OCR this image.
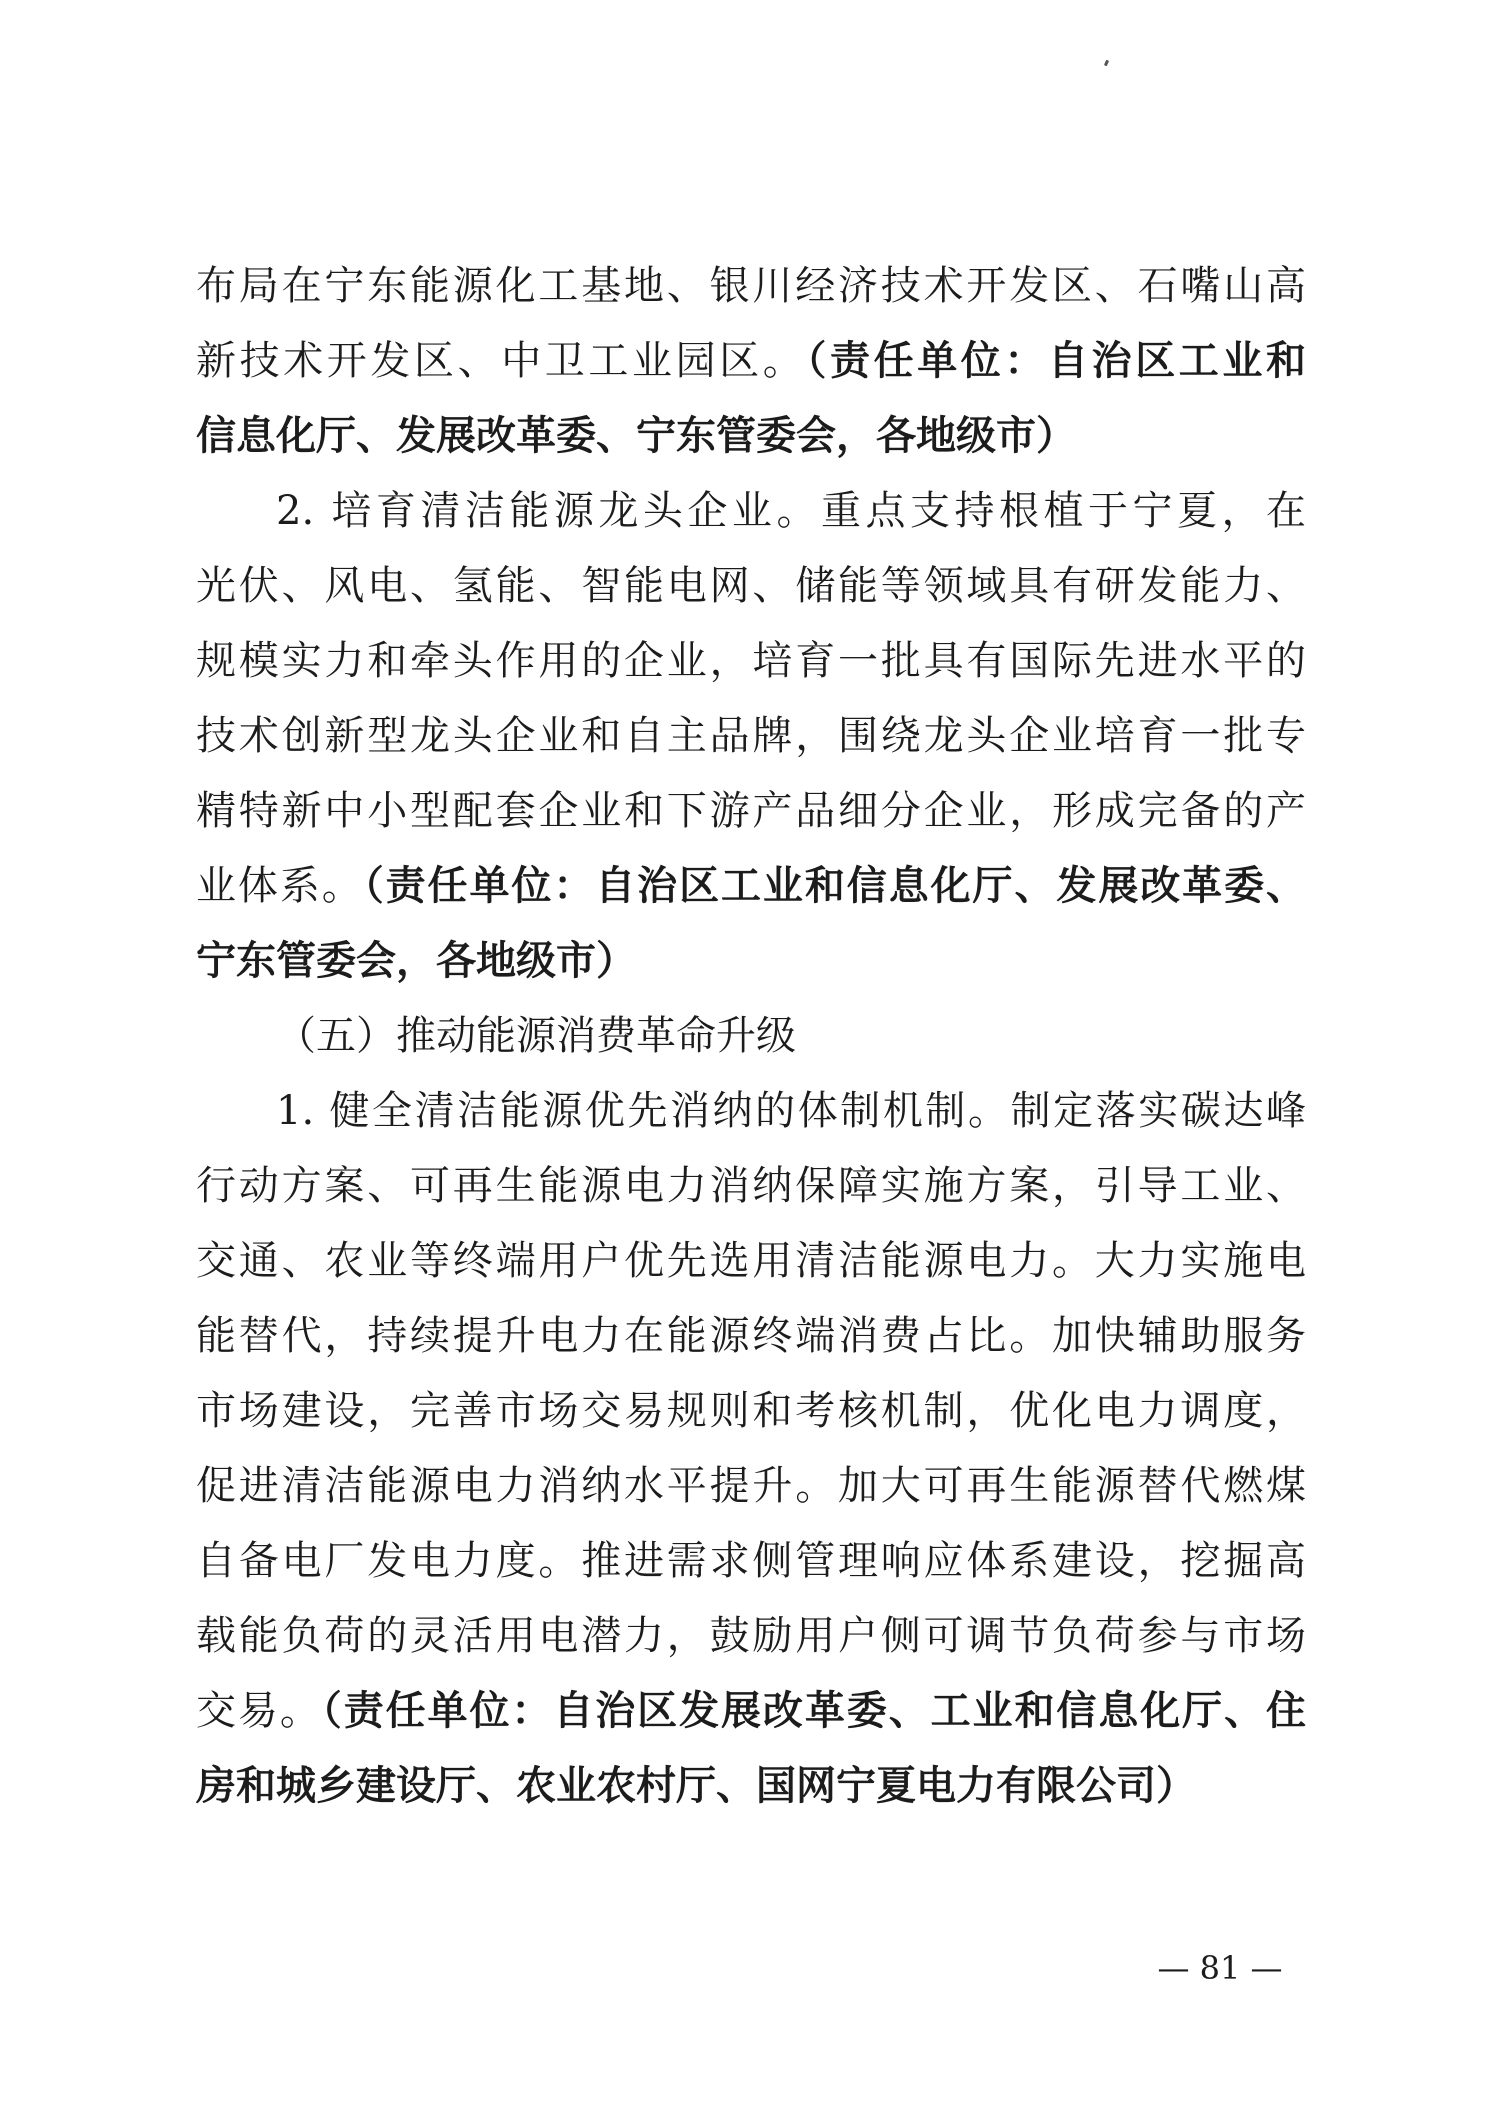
布局在宁东能源化工基地、银川经济技术开发区、石嘴山高
新技术开发区、中卫工业园区。（责任单位：自治区工业和
信息化厅、发展改革委、宁东管委会，各地级市）
2. 培育清洁能源龙头企业。重点支持根植于宁夏，在
光伏、风电、氢能、智能电网、储能等领域具有研发能力、
规模实力和牵头作用的企业，培育一批具有国际先进水平的
技术创新型龙头企业和自主品牌，围绕龙头企业培育一批专
精特新中小型配套企业和下游产品细分企业，形成完备的产
业体系。（责任单位：自治区工业和信息化厅、发展改革委、
宁东管委会，各地级市）
（五）推动能源消费革命升级
1. 健全清洁能源优先消纳的体制机制。制定落实碳达峰
行动方案、可再生能源电力消纳保障实施方案，引导工业、
交通、农业等终端用户优先选用清洁能源电力。大力实施电
能替代，持续提升电力在能源终端消费占比。加快辅助服务
市场建设，完善市场交易规则和考核机制，优化电力调度，
促进清洁能源电力消纳水平提升。加大可再生能源替代燃煤
自备电厂发电力度。推进需求侧管理响应体系建设，挖掘高
载能负荷的灵活用电潜力，鼓励用户侧可调节负荷参与市场
交易。（责任单位：自治区发展改革委、工业和信息化厅、住
房和城乡建设厅、农业农村厅、国网宁夏电力有限公司）
— 81 —
